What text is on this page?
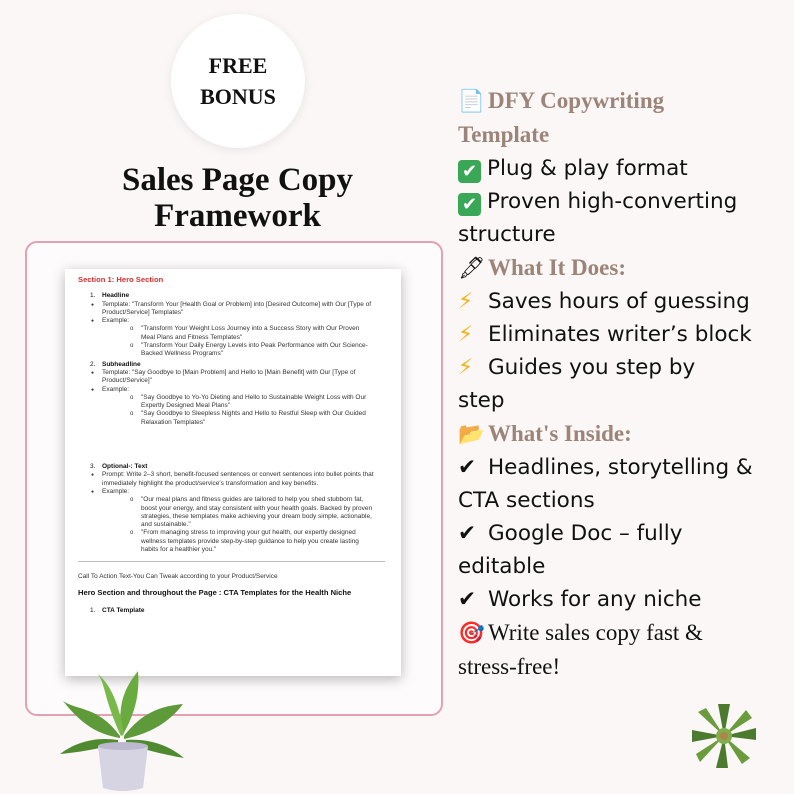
FREE
BONUS
Sales Page Copy
Framework
Section 1: Hero Section
1. Headline
● Template: "Transform Your [Health Goal or Problem] into [Desired Outcome] with Our [Type of Product/Service] Templates"
● Example:
o "Transform Your Weight Loss Journey into a Success Story with Our Proven Meal Plans and Fitness Templates"
o "Transform Your Daily Energy Levels into Peak Performance with Our Science-Backed Wellness Programs"
2. Subheadline
● Template: "Say Goodbye to [Main Problem] and Hello to [Main Benefit] with Our [Type of Product/Service]"
● Example:
o "Say Goodbye to Yo-Yo Dieting and Hello to Sustainable Weight Loss with Our Expertly Designed Meal Plans"
o "Say Goodbye to Sleepless Nights and Hello to Restful Sleep with Our Guided Relaxation Templates"
3. Optional-: Text
● Prompt: Write 2–3 short, benefit-focused sentences or convert sentences into bullet points that immediately highlight the product/service's transformation and key benefits.
● Example:
o "Our meal plans and fitness guides are tailored to help you shed stubborn fat, boost your energy, and stay consistent with your health goals. Backed by proven strategies, these templates make achieving your dream body simple, actionable, and sustainable."
o "From managing stress to improving your gut health, our expertly designed wellness templates provide step-by-step guidance to help you create lasting habits for a healthier you."
Call To Action Text-You Can Tweak according to your Product/Service
Hero Section and throughout the Page : CTA Templates for the Health Niche
1. CTA Template
📄 DFY Copywriting
Template
✔ Plug & play format
✔ Proven high-converting
structure
🖋 What It Does:
⚡ Saves hours of guessing
⚡ Eliminates writer’s block
⚡ Guides you step by
step
📂 What's Inside:
✔ Headlines, storytelling &
CTA sections
✔ Google Doc – fully
editable
✔ Works for any niche
🎯 Write sales copy fast &
stress-free!
